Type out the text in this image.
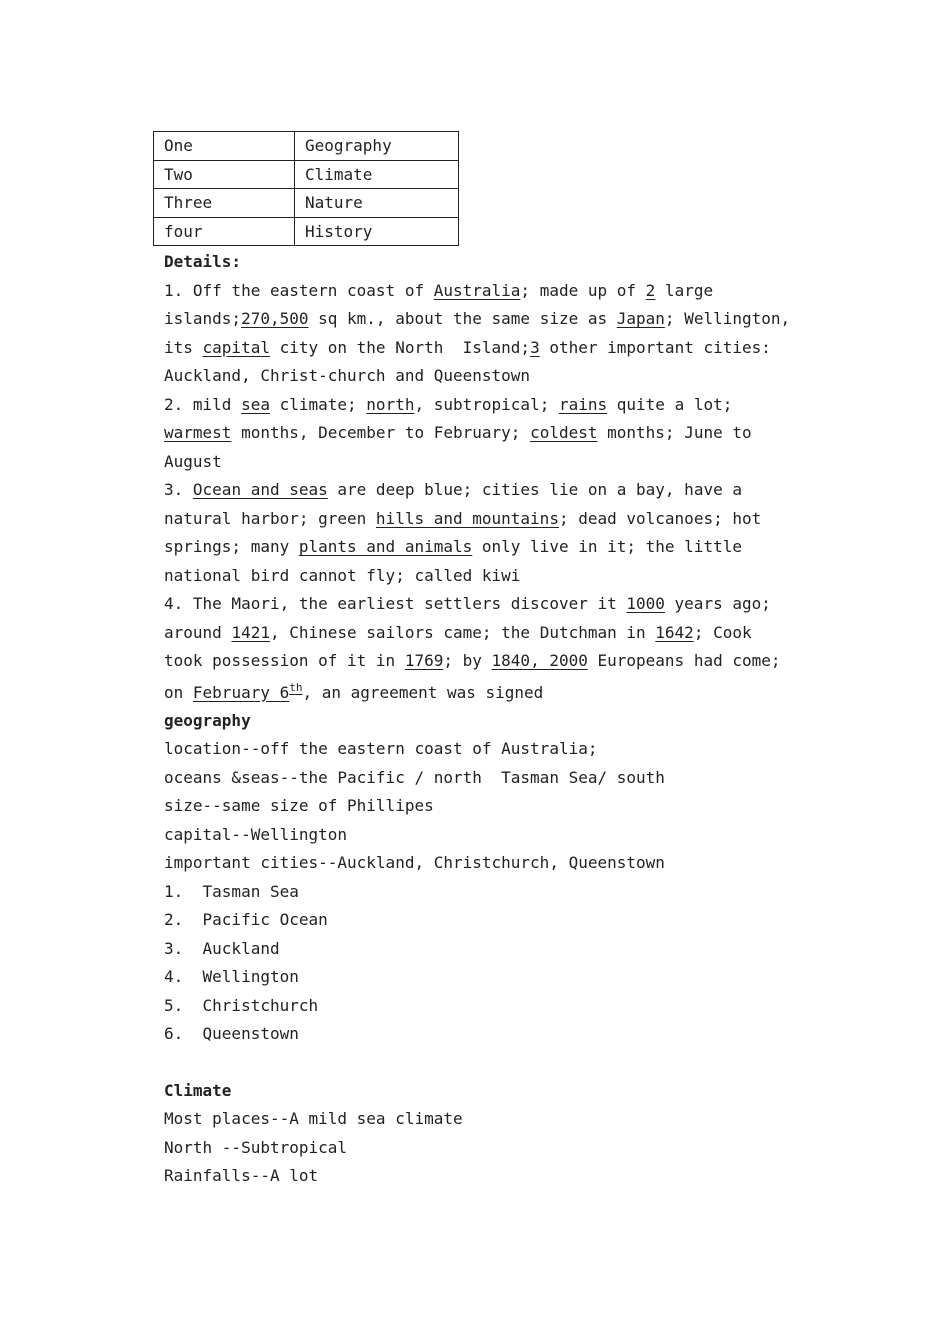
One	Geography
Two	Climate
Three	Nature
four	History
Details:
1. Off the eastern coast of Australia; made up of 2 large
islands;270,500 sq km., about the same size as Japan; Wellington,
its capital city on the North  Island;3 other important cities:
Auckland, Christ-church and Queenstown
2. mild sea climate; north, subtropical; rains quite a lot;
warmest months, December to February; coldest months; June to
August
3. Ocean and seas are deep blue; cities lie on a bay, have a
natural harbor; green hills and mountains; dead volcanoes; hot
springs; many plants and animals only live in it; the little
national bird cannot fly; called kiwi
4. The Maori, the earliest settlers discover it 1000 years ago;
around 1421, Chinese sailors came; the Dutchman in 1642; Cook
took possession of it in 1769; by 1840, 2000 Europeans had come;
on February 6th, an agreement was signed
geography
location--off the eastern coast of Australia;
oceans &seas--the Pacific / north  Tasman Sea/ south
size--same size of Phillipes
capital--Wellington
important cities--Auckland, Christchurch, Queenstown
1.  Tasman Sea
2.  Pacific Ocean
3.  Auckland
4.  Wellington
5.  Christchurch
6.  Queenstown
Climate
Most places--A mild sea climate
North --Subtropical
Rainfalls--A lot
